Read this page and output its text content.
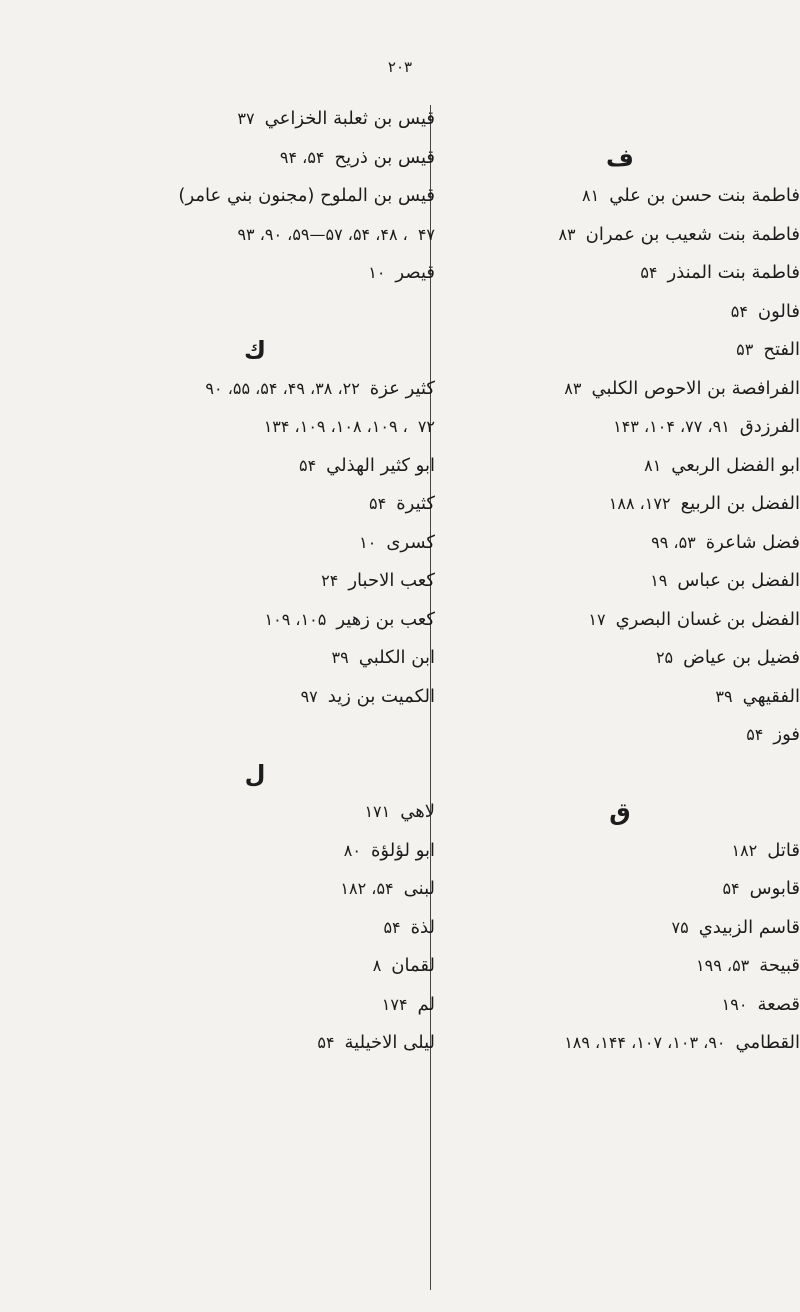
۲۰۳
ف
فاطمة بنت حسن بن علي۸۱
فاطمة بنت شعيب بن عمران۸۳
فاطمة بنت المنذر۵۴
فالون۵۴
الفتح۵۳
الفرافصة بن الاحوص الكلبي۸۳
الفرزدق۹۱، ۷۷، ۱۰۴، ۱۴۳
ابو الفضل الربعي۸۱
الفضل بن الربيع۱۷۲، ۱۸۸
فضل شاعرة۵۳، ۹۹
الفضل بن عباس۱۹
الفضل بن غسان البصري۱۷
فضيل بن عياض۲۵
الفقيهي۳۹
فوز۵۴
ق
قاتل۱۸۲
قابوس۵۴
قاسم الزبيدي۷۵
قبيحة۵۳، ۱۹۹
قصعة۱۹۰
القطامي۹۰، ۱۰۳، ۱۰۷، ۱۴۴، ۱۸۹
قيس بن ثعلبة الخزاعي۳۷
قيس بن ذريح۵۴، ۹۴
قيس بن الملوح (مجنون بني عامر)
۴۷، ۴۸، ۵۴، ۵۷—۵۹، ۹۰، ۹۳
قيصر۱۰
ك
كثير عزة۲۲، ۳۸، ۴۹، ۵۴، ۵۵، ۹۰
۷۲، ۱۰۹، ۱۰۸، ۱۰۹، ۱۳۴
ابو كثير الهذلي۵۴
كثيرة۵۴
كسرى۱۰
كعب الاحبار۲۴
كعب بن زهير۱۰۵، ۱۰۹
ابن الكلبي۳۹
الكميت بن زيد۹۷
ل
لاهي۱۷۱
ابو لؤلؤة۸۰
لبنى۵۴، ۱۸۲
لذة۵۴
لقمان۸
لم۱۷۴
ليلى الاخيلية۵۴
